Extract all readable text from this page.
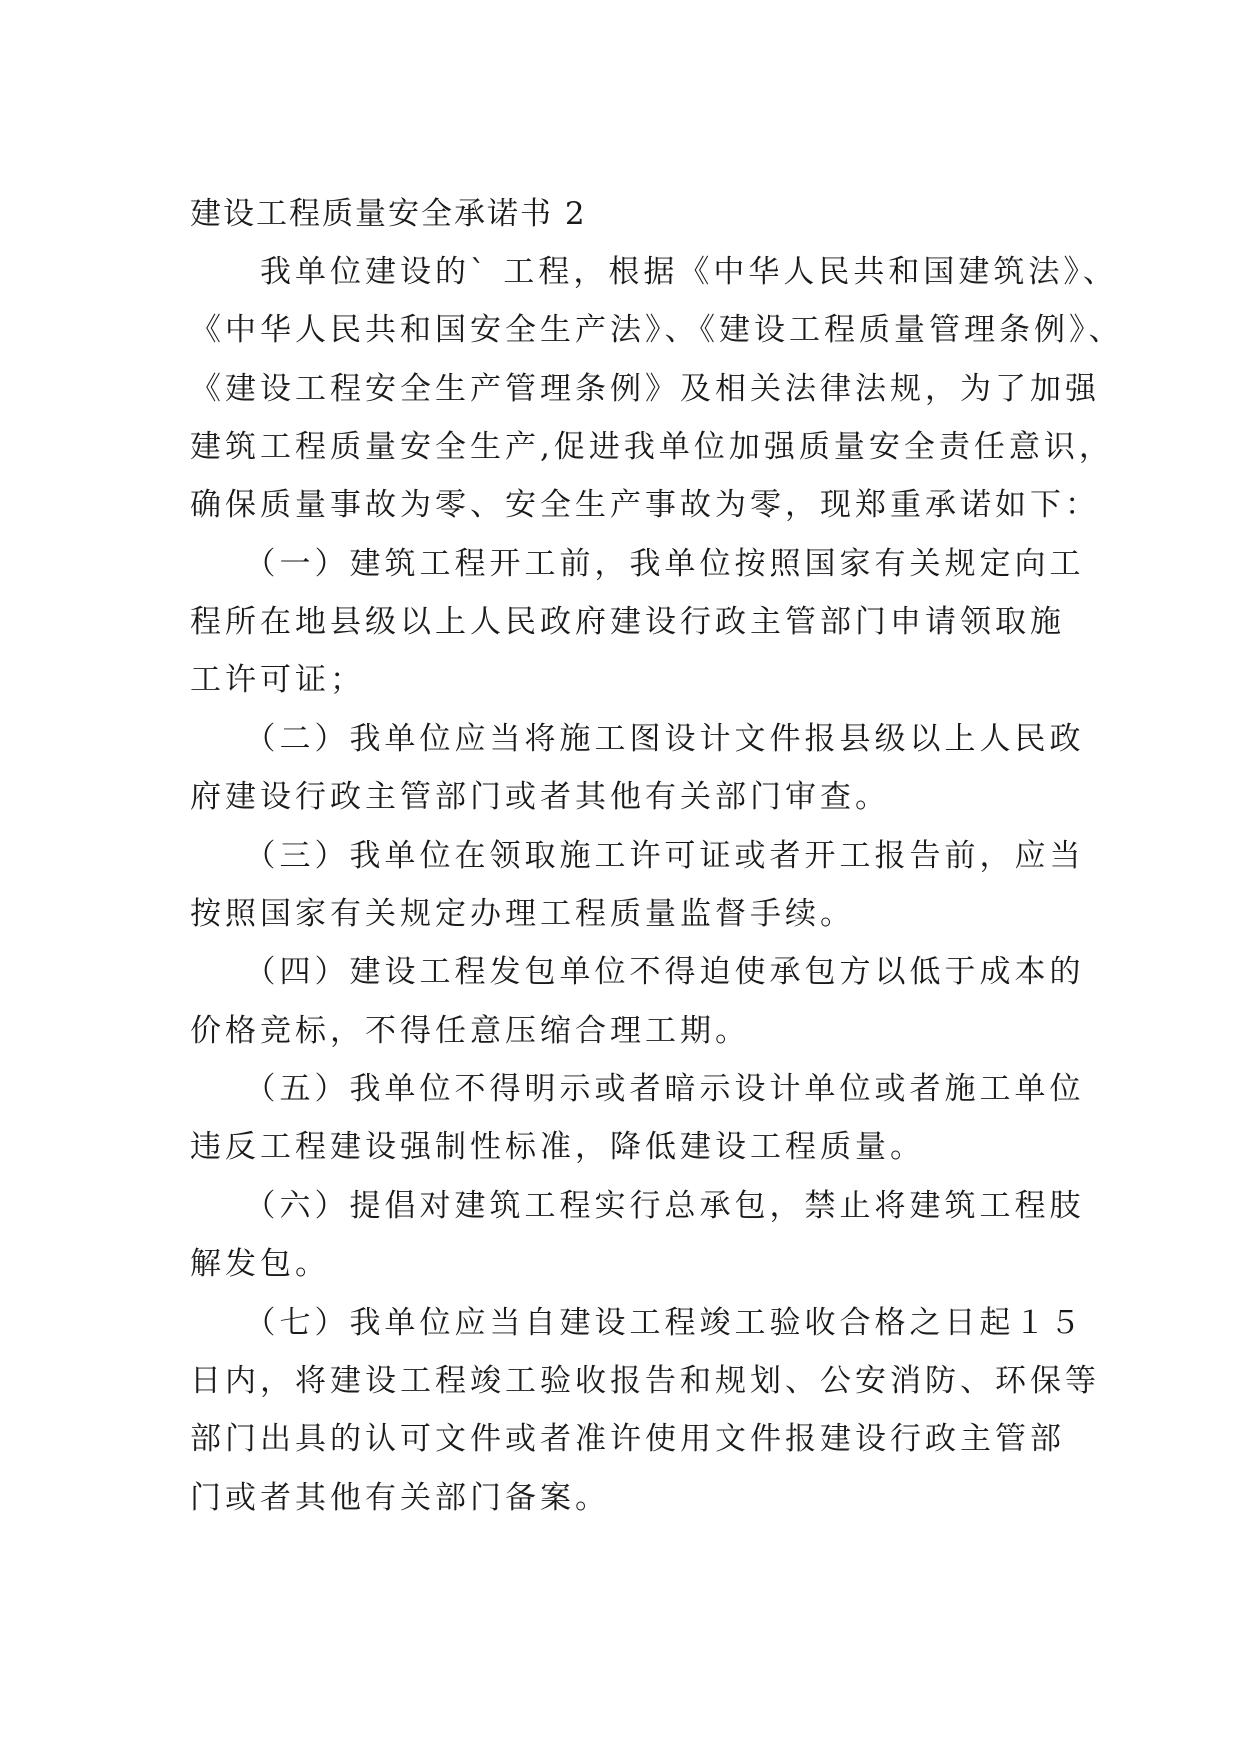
建设工程质量安全承诺书 2
　　我单位建设的` 工程，根据《中华人民共和国建筑法》、
《中华人民共和国安全生产法》、《建设工程质量管理条例》、
《建设工程安全生产管理条例》及相关法律法规，为了加强
建筑工程质量安全生产,促进我单位加强质量安全责任意识，
确保质量事故为零、安全生产事故为零，现郑重承诺如下：
　　（一）建筑工程开工前，我单位按照国家有关规定向工
程所在地县级以上人民政府建设行政主管部门申请领取施
工许可证；
　　（二）我单位应当将施工图设计文件报县级以上人民政
府建设行政主管部门或者其他有关部门审查。
　　（三）我单位在领取施工许可证或者开工报告前，应当
按照国家有关规定办理工程质量监督手续。
　　（四）建设工程发包单位不得迫使承包方以低于成本的
价格竞标，不得任意压缩合理工期。
　　（五）我单位不得明示或者暗示设计单位或者施工单位
违反工程建设强制性标准，降低建设工程质量。
　　（六）提倡对建筑工程实行总承包，禁止将建筑工程肢
解发包。
　　（七）我单位应当自建设工程竣工验收合格之日起１５
日内，将建设工程竣工验收报告和规划、公安消防、环保等
部门出具的认可文件或者准许使用文件报建设行政主管部
门或者其他有关部门备案。
